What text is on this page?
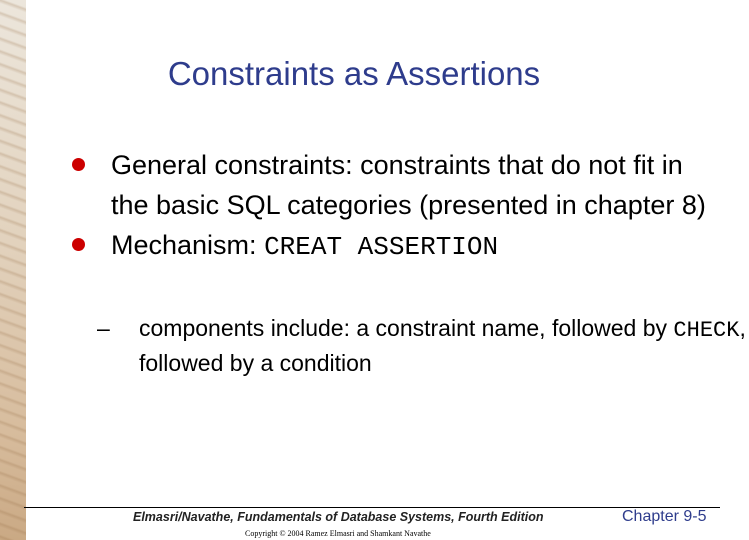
Constraints as Assertions
General constraints: constraints that do not fit in the basic SQL categories (presented in chapter 8)
Mechanism: CREAT ASSERTION
– components include: a constraint name, followed by CHECK, followed by a condition
Elmasri/Navathe, Fundamentals of Database Systems, Fourth Edition
Copyright © 2004 Ramez Elmasri and Shamkant Navathe
Chapter 9-5
